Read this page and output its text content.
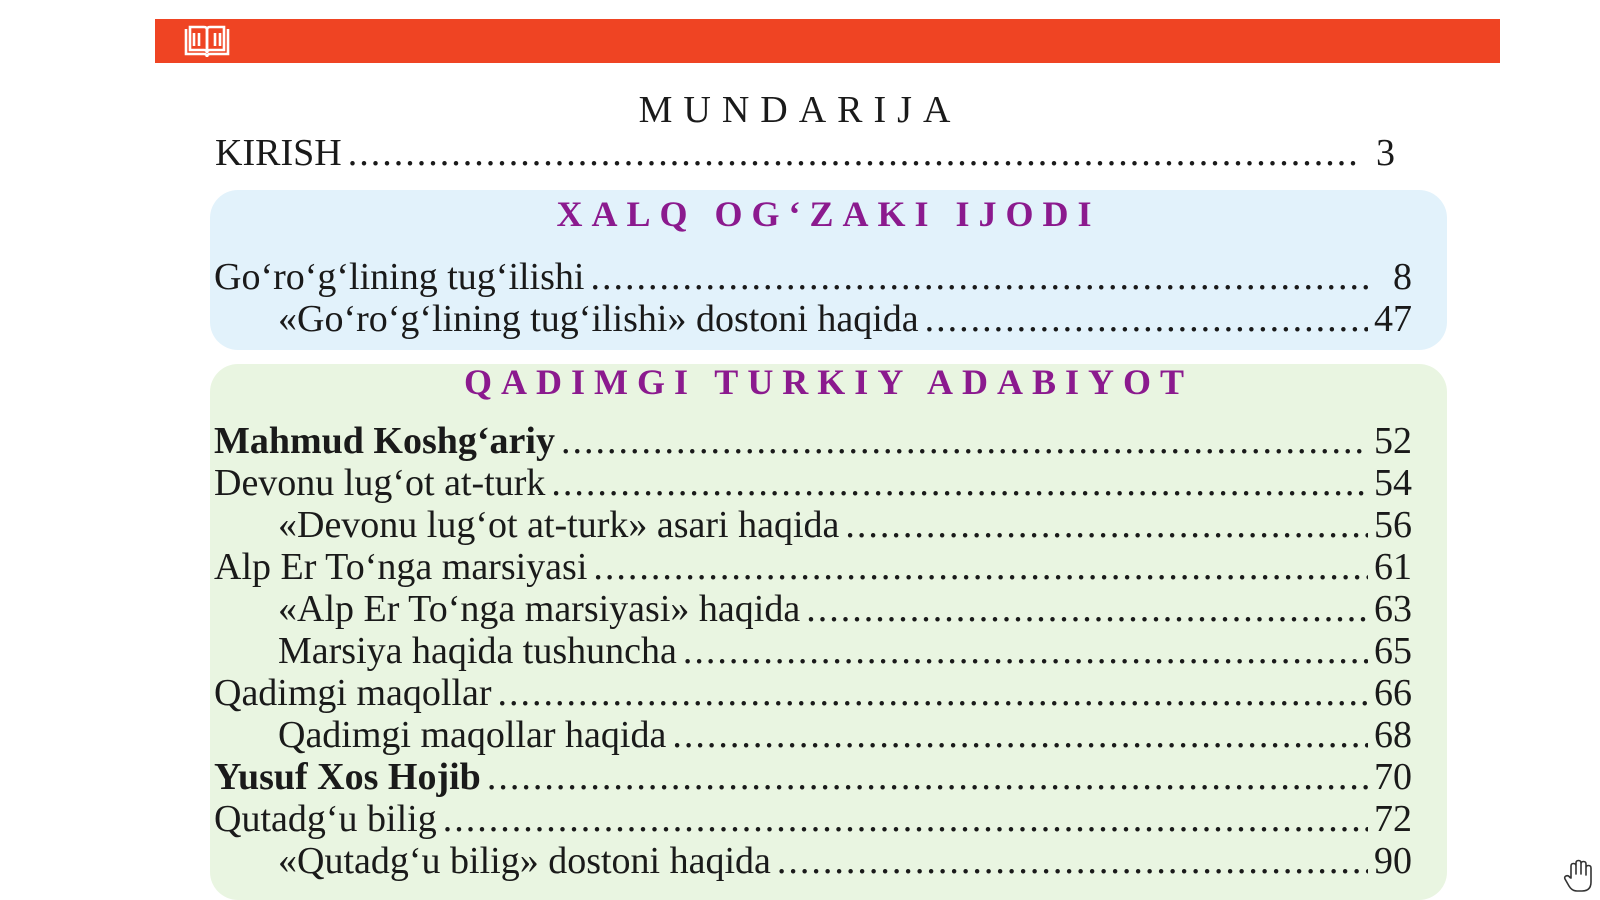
MUNDARIJA
KIRISH .....	3
XALQ OG‘ZAKI IJODI
Go‘ro‘g‘lining tug‘ilishi .....	8
«Go‘ro‘g‘lining tug‘ilishi» dostoni haqida .....	47
QADIMGI TURKIY ADABIYOT
Mahmud Koshg‘ariy .....	52
Devonu lug‘ot at-turk .....	54
«Devonu lug‘ot at-turk» asari haqida .....	56
Alp Er To‘nga marsiyasi .....	61
«Alp Er To‘nga marsiyasi» haqida .....	63
Marsiya haqida tushuncha .....	65
Qadimgi maqollar .....	66
Qadimgi maqollar haqida .....	68
Yusuf Xos Hojib .....	70
Qutadg‘u bilig .....	72
«Qutadg‘u bilig» dostoni haqida .....	90
